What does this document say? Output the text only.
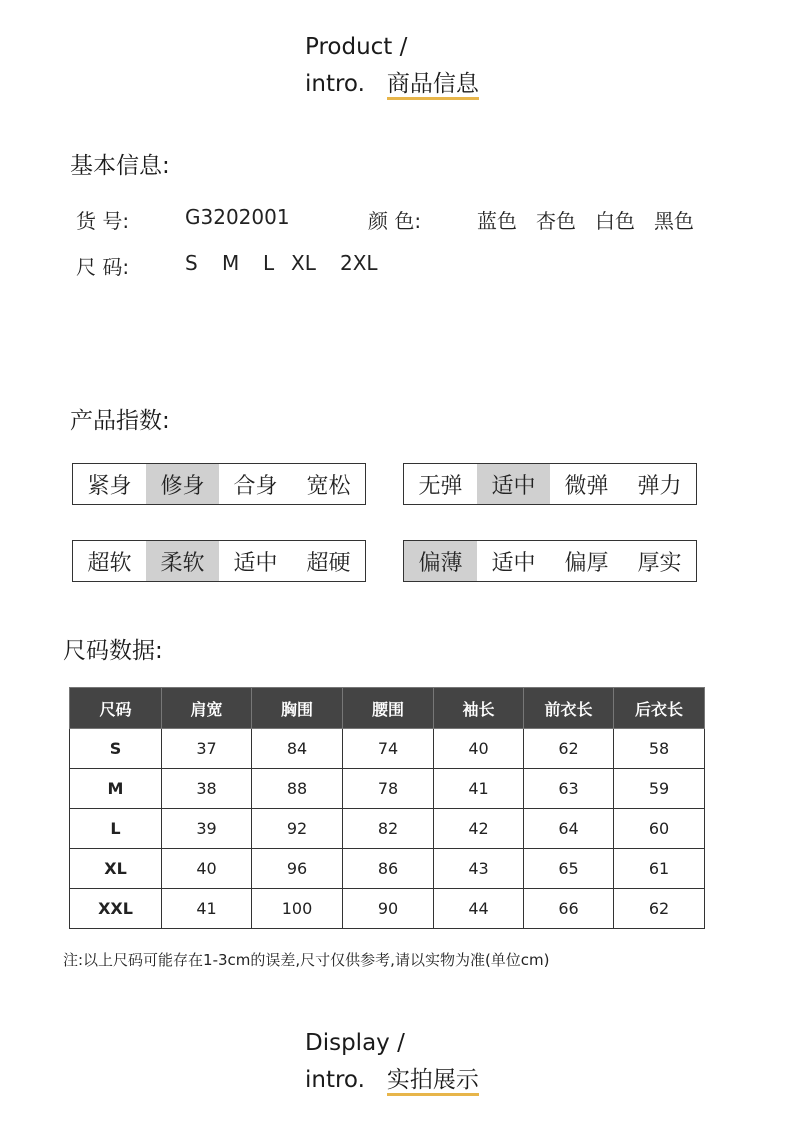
Product /
intro. 商品信息
基本信息:
货 号:	G3202001	颜 色:	蓝色 杏色 白色 黑色
尺 码:	S M L XL 2XL
产品指数:
紧身	修身	合身	宽松	无弹	适中	微弹	弹力
超软	柔软	适中	超硬	偏薄	适中	偏厚	厚实
尺码数据:
尺码	肩宽	胸围	腰围	袖长	前衣长	后衣长
S	37	84	74	40	62	58
M	38	88	78	41	63	59
L	39	92	82	42	64	60
XL	40	96	86	43	65	61
XXL	41	100	90	44	66	62
注:以上尺码可能存在1-3cm的误差,尺寸仅供参考,请以实物为准(单位cm)
Display /
intro. 实拍展示
